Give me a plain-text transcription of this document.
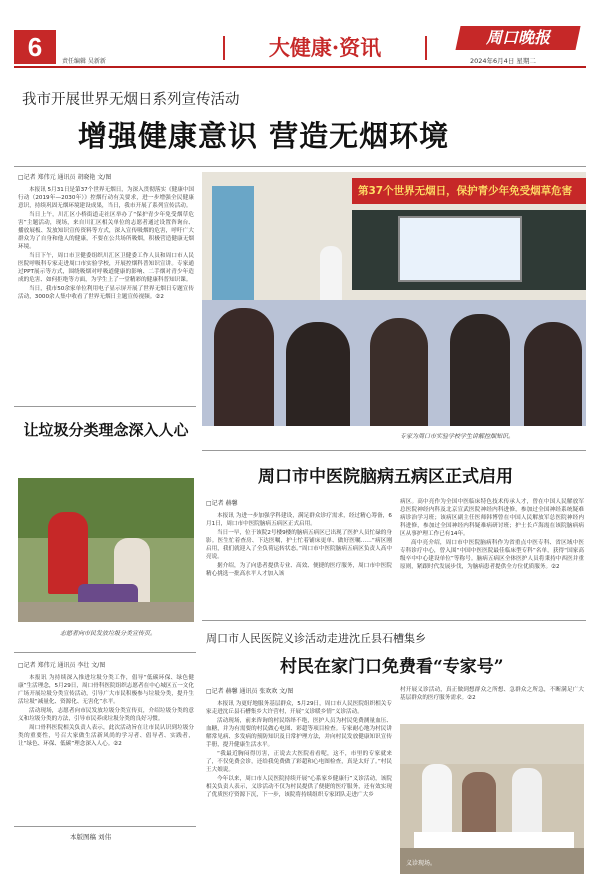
6	责任编辑 吴新新
大健康·资讯	周口晚报
2024年6月4日 星期二
我市开展世界无烟日系列宣传活动
增强健康意识 营造无烟环境
□记者 郑伟元 通讯员 胡晓艳 文/图

本报讯 5月31日是第37个世界无烟日，为深入贯彻落实《健康中国行动（2019年—2030年）》控烟行动有关要求，进一步增强全民健康意识，持续巩固无烟环境建设成果，当日，我市开展了系列宣传活动。

当日上午，川汇区小桥街道走社区举办了“保护青少年免受烟草危害”主题活动，现场，来自川汇区相关单位的志愿者通过设置咨询台、播放展板、发放知识宣传资料等方式，深入宣传吸烟的危害，呼吁广大群众为了自身和他人的健康，不要在公共场所吸烟，积极营造健康无烟环境。

当日下午，周口市卫健委组织川汇区卫健委工作人员和周口市人民医院呼吸科专家走进周口市实验学校，开展控烟科普知识宣讲。专家通过PPT展示等方式，围绕吸烟对呼吸道健康的影响、二手烟对青少年造成的危害、如何拒绝等方面，为学生上了一堂精彩的健康科普知识课。

当日，我市50余家单位利用电子显示屏开展了世界无烟日专题宣传活动，3000余人集中收看了世界无烟日主题宣传视频。②2

第37个世界无烟日，保护青少年免受烟草危害
专家为周口市实验学校学生讲解控烟知识。
让垃圾分类理念深入人心
志愿者向市民发放垃圾分类宣传页。
□记者 郑伟元 通讯员 李壮 文/图

本报讯 为持续深入推进垃圾分类工作，倡导“低碳环保、绿色健康”生活理念，5月29日，周口骨科医院组织志愿者在中心城区五一文化广场开展垃圾分类宣传活动，引导广大市民积极参与垃圾分类，提升生活垃圾“减量化、资源化、无害化”水平。

活动现场，志愿者向市民发放垃圾分类宣传页，介绍垃圾分类的意义和垃圾分类的方法，引导市民养成垃圾分类的良好习惯。

周口骨科医院相关负责人表示，此次活动旨在让市民认识到垃圾分类的重要性，号召大家做生活新风尚的学习者、倡导者、实践者，让“绿色、环保、低碳”理念深入人心。②2

本版图稿 刘伟
周口市中医院脑病五病区正式启用
□记者 赫馨

本报讯 为进一步加强学科建设，满足群众诊疗需求，经过精心筹备，6月1日，周口市中医院脑病五病区正式启用。

当日一早，位于该院2号楼9楼的脑病五病区已出现了医护人员忙碌的身影。医生忙着查房、下达医嘱，护士忙着铺床更单、做好医嘱……“病区刚启用，我们就迎入了全负荷运转状态。”周口市中医院脑病五病区负责人高中亮说。

据介绍，为了向患者提供专业、高效、便捷的医疗服务，周口市中医院精心挑选一批高水平人才加入该

病区。高中亮作为全国中医临床特色技术传承人才，曾在中国人民解放军总医院神经内科及北京宣武医院神经内科进修，参加过全国神经系统疑难病诊治学习班；该病区副主任医师韩博曾在中国人民解放军总医院神经内科进修，参加过全国神经内科疑难病研讨班；护士长卢海霞在该院脑病病区从事护理工作已有14年。

高中亮介绍，周口市中医院脑病科作为省重点中医专科、省区域中医专科诊疗中心，曾入围“中国中医医院最佳临床型专科”名单，获得“国家高级卒中中心建设单位”等称号。脑病五病区全体医护人员将秉持中西医并重原则，紧跟时代发展步伐，为脑病患者提供全方位优质服务。②2

周口市人民医院义诊活动走进沈丘县石槽集乡
村民在家门口免费看“专家号”
□记者 赫馨 通讯员 张欢欢 文/图

本报讯 为更好地服务基层群众，5月29日，周口市人民医院组织相关专家走进沈丘县石槽集乡大许营村，开展“义诊暖乡情”义诊活动。

活动现场，前来咨询的村民络绎不绝，医护人员为村民免费测量血压、血糖，并为有需要的村民做心电图、彩超等项目检查。专家耐心地为村民讲解常见病、多发病的预防知识及日常护理方法，并向村民发放健康知识宣传手册，提升健康生活水平。

“我最近胸闷得厉害，正说去大医院看看呢，这不，市里的专家就来了，不仅免费会诊，还给我免费做了彩超和心电图检查，真是太好了。”村民王大娘说。

今年以来，周口市人民医院持续开展“心系家乡健康行”义诊活动，该院相关负责人表示，义诊活动不仅为村民提供了便捷的医疗服务，还有效实现了优质医疗资源下沉，下一步，该院将持续组织专家团队走进广大乡

村开展义诊活动，真正做到想群众之所想、急群众之所急，不断满足广大基层群众的医疗服务需求。②2

义诊现场。
